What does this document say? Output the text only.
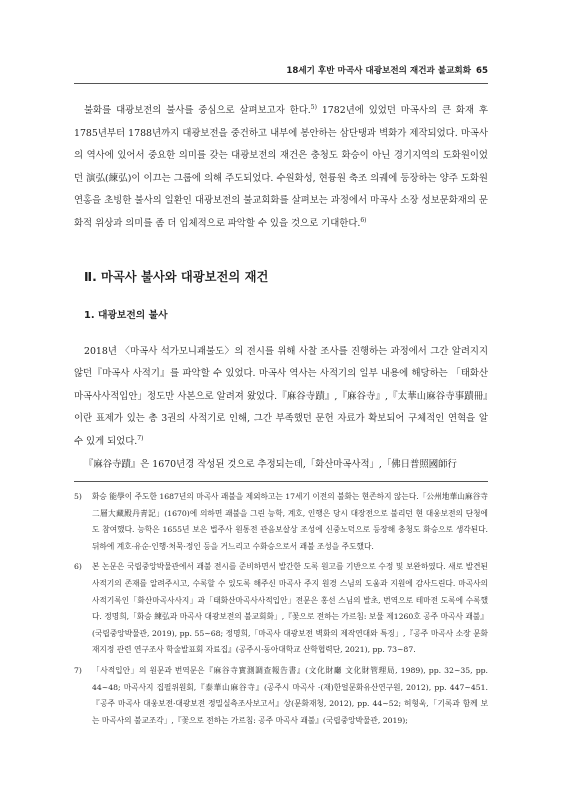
18세기 후반 마곡사 대광보전의 재건과 불교회화 65

불화를 대광보전의 불사를 중심으로 살펴보고자 한다.$^{5)}$ 1782년에 있었던 마곡사의 큰 화재 후 1785년부터 1788년까지 대광보전을 중건하고 내부에 봉안하는 삼단탱과 벽화가 제작되었다. 마곡사의 역사에 있어서 중요한 의미를 갖는 대광보전의 재건은 충청도 화승이 아닌 경기지역의 도화원이었던 演弘(練弘)이 이끄는 그룹에 의해 주도되었다. 수원화성, 현륭원 축조 의궤에 등장하는 양주 도화원 연홍을 초빙한 불사의 일환인 대광보전의 불교회화를 살펴보는 과정에서 마곡사 소장 성보문화재의 문화적 위상과 의미를 좀 더 입체적으로 파악할 수 있을 것으로 기대한다.$^{6)}$

Ⅱ. 마곡사 불사와 대광보전의 재건
1. 대광보전의 불사

2018년 〈마곡사 석가모니괘불도〉의 전시를 위해 사찰 조사를 진행하는 과정에서 그간 알려지지 않던『마곡사 사적기』를 파악할 수 있었다. 마곡사 역사는 사적기의 일부 내용에 해당하는 「태화산마곡사사적입안」정도만 사본으로 알려져 왔었다.『麻谷寺蹟』,『麻谷寺』,『太華山麻谷寺事蹟冊』이란 표제가 있는 총 3권의 사적기로 인해, 그간 부족했던 문헌 자료가 확보되어 구체적인 연혁을 알 수 있게 되었다.$^{7)}$

『麻谷寺蹟』은 1670년경 작성된 것으로 추정되는데,「화산마곡사적」,「佛日普照國師行

5)	화승 能學이 주도한 1687년의 마곡사 괘불을 제외하고는 17세기 이전의 불화는 현존하지 않는다.「公州地華山麻谷寺二層大藏殿丹靑記」(1670)에 의하면 괘불을 그린 능학, 계호, 인행은 당시 대장전으로 불리던 현 대웅보전의 단청에도 참여했다. 능학은 1655년 보은 법주사 원통전 관음보살상 조성에 신중노덕으로 등장해 충청도 화승으로 생각된다. 뒤하에 계호·유순·인행·처묵·정인 등을 거느리고 수화승으로서 괘불 조성을 주도했다.
6)	본 논문은 국립중앙박물관에서 괘불 전시를 준비하면서 발간한 도록 원고를 기반으로 수정 및 보완하였다. 새로 발견된 사적기의 존재를 알려주시고, 수록할 수 있도록 해주신 마곡사 주지 원경 스님의 도움과 지원에 감사드린다. 마곡사의 사적기록인「화산마곡사사지」과「태화산마곡사사적입안」전문은 홍선 스님의 발초, 번역으로 테마전 도록에 수록했다. 정명희,「화승 練弘과 마곡사 대광보전의 불교회화」,『꽃으로 전하는 가르침: 보물 제1260호 공주 마곡사 괘불』(국립중앙박물관, 2019), pp. 55~68; 정명희,「마곡사 대광보전 벽화의 제작연대와 특징」,『공주 마곡사 소장 문화재지정 관련 연구조사 학술발표회 자료집』(공주시·동아대학교 산학협력단, 2021), pp. 73~87.
7)	「사적입안」의 원문과 번역문은『麻谷寺實測調查報告書』(文化財廳 文化財管理局, 1989), pp. 32~35, pp. 44~48; 마곡사지 집필위원회,『泰華山麻谷寺』(공주시 마곡사 ·(재)한얼문화유산연구원, 2012), pp. 447~451.『공주 마곡사 대웅보전·대광보전 정밀실측조사보고서』상(문화재청, 2012), pp. 44~52; 허형욱,「기록과 함께 보는 마곡사의 불교조각」,『꽃으로 전하는 가르침: 공주 마곡사 괘불』(국립중앙박물관, 2019);
